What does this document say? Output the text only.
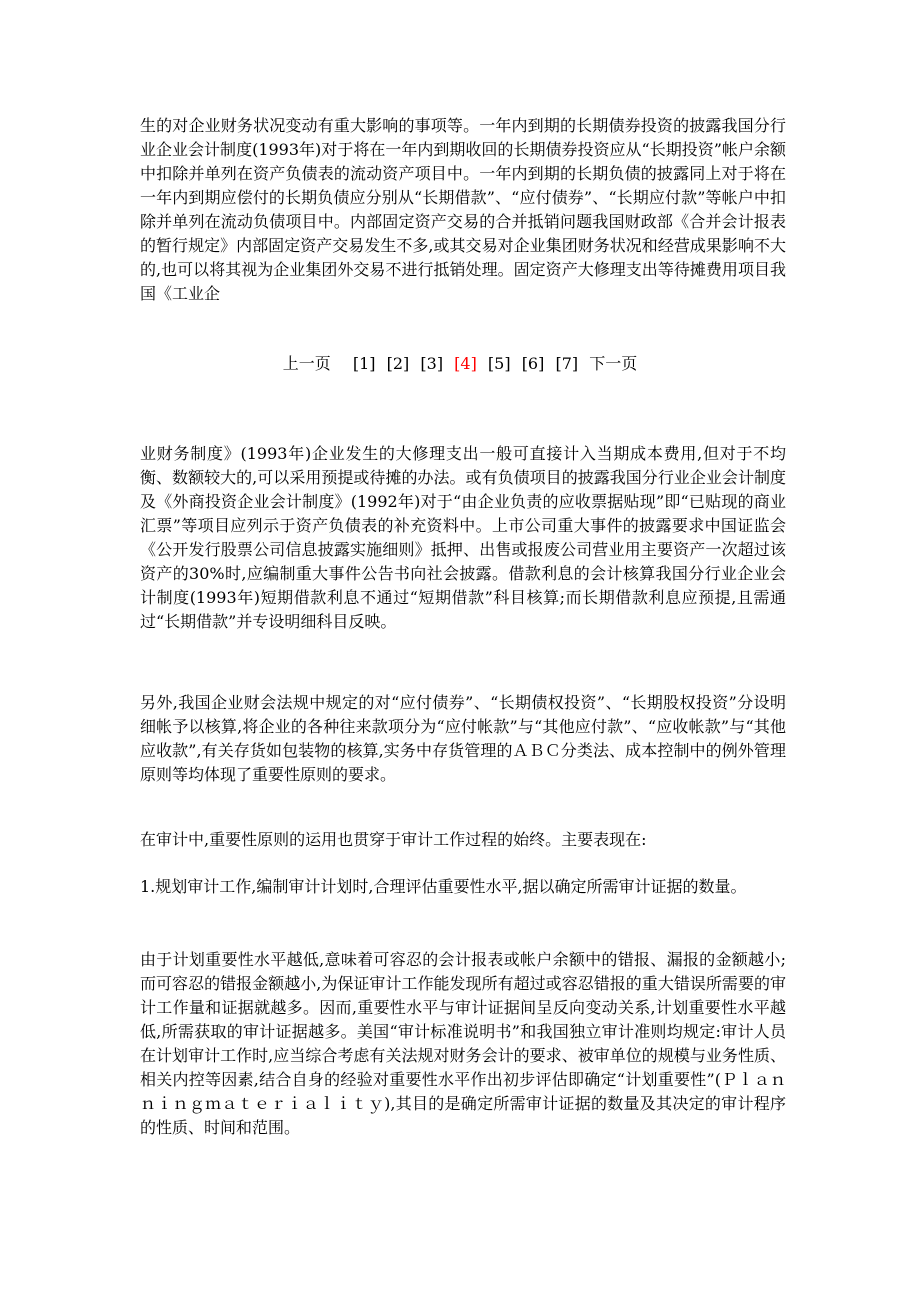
生的对企业财务状况变动有重大影响的事项等。一年内到期的长期债券投资的披露我国分行业企业会计制度(1993年)对于将在一年内到期收回的长期债券投资应从“长期投资”帐户余额中扣除并单列在资产负债表的流动资产项目中。一年内到期的长期负债的披露同上对于将在一年内到期应偿付的长期负债应分别从“长期借款”、“应付债券”、“长期应付款”等帐户中扣除并单列在流动负债项目中。内部固定资产交易的合并抵销问题我国财政部《合并会计报表的暂行规定》内部固定资产交易发生不多,或其交易对企业集团财务状况和经营成果影响不大的,也可以将其视为企业集团外交易不进行抵销处理。固定资产大修理支出等待摊费用项目我国《工业企

上一页 [1] [2] [3] [4] [5] [6] [7] 下一页

业财务制度》(1993年)企业发生的大修理支出一般可直接计入当期成本费用,但对于不均衡、数额较大的,可以采用预提或待摊的办法。或有负债项目的披露我国分行业企业会计制度及《外商投资企业会计制度》(1992年)对于“由企业负责的应收票据贴现”即“已贴现的商业汇票”等项目应列示于资产负债表的补充资料中。上市公司重大事件的披露要求中国证监会《公开发行股票公司信息披露实施细则》抵押、出售或报废公司营业用主要资产一次超过该资产的30%时,应编制重大事件公告书向社会披露。借款利息的会计核算我国分行业企业会计制度(1993年)短期借款利息不通过“短期借款”科目核算;而长期借款利息应预提,且需通过“长期借款”并专设明细科目反映。

另外,我国企业财会法规中规定的对“应付债券”、“长期债权投资”、“长期股权投资”分设明细帐予以核算,将企业的各种往来款项分为“应付帐款”与“其他应付款”、“应收帐款”与“其他应收款”,有关存货如包装物的核算,实务中存货管理的ＡＢＣ分类法、成本控制中的例外管理原则等均体现了重要性原则的要求。

在审计中,重要性原则的运用也贯穿于审计工作过程的始终。主要表现在:

1.规划审计工作,编制审计计划时,合理评估重要性水平,据以确定所需审计证据的数量。

由于计划重要性水平越低,意味着可容忍的会计报表或帐户余额中的错报、漏报的金额越小;而可容忍的错报金额越小,为保证审计工作能发现所有超过或容忍错报的重大错误所需要的审计工作量和证据就越多。因而,重要性水平与审计证据间呈反向变动关系,计划重要性水平越低,所需获取的审计证据越多。美国“审计标准说明书”和我国独立审计准则均规定:审计人员在计划审计工作时,应当综合考虑有关法规对财务会计的要求、被审单位的规模与业务性质、相关内控等因素,结合自身的经验对重要性水平作出初步评估即确定“计划重要性”(Ｐｌａｎｎｉｎｇｍａｔｅｒｉａｌｉｔｙ),其目的是确定所需审计证据的数量及其决定的审计程序的性质、时间和范围。
